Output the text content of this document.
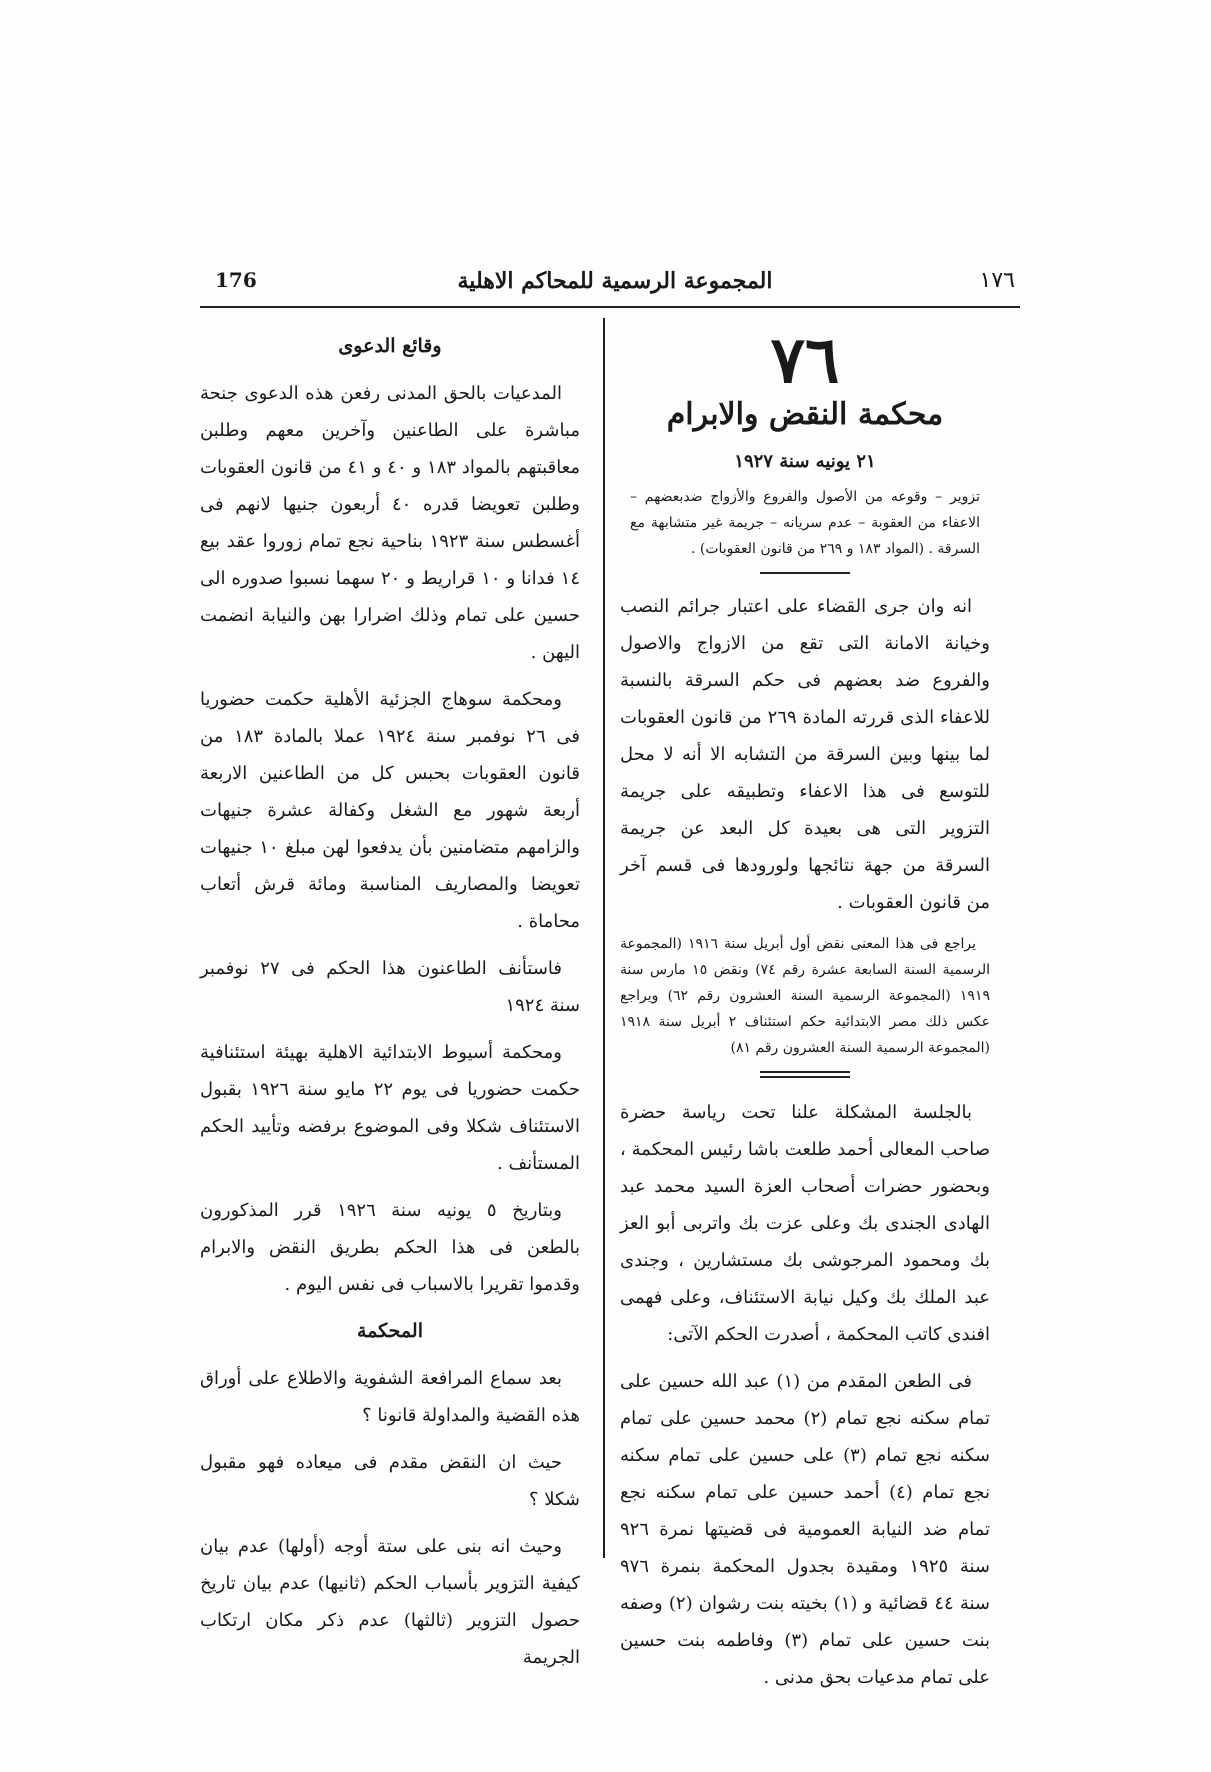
١٧٦
المجموعة الرسمية للمحاكم الاهلية
176
٧٦
محكمة النقض والابرام
٢١ يونيه سنة ١٩٢٧
تزوير – وقوعه من الأصول والفروع والأزواج ضدبعضهم – الاعفاء من العقوبة – عدم سريانه – جريمة غير متشابهة مع السرقة . (المواد ١٨٣ و ٢٦٩ من قانون العقوبات) .

انه وان جرى القضاء على اعتبار جرائم النصب وخيانة الامانة التى تقع من الازواج والاصول والفروع ضد بعضهم فى حكم السرقة بالنسبة للاعفاء الذى قررته المادة ٢٦٩ من قانون العقوبات لما بينها وبين السرقة من التشابه الا أنه لا محل للتوسع فى هذا الاعفاء وتطبيقه على جريمة التزوير التى هى بعيدة كل البعد عن جريمة السرقة من جهة نتائجها ولورودها فى قسم آخر من قانون العقوبات .

يراجع فى هذا المعنى نقض أول أبريل سنة ١٩١٦ (المجموعة الرسمية السنة السابعة عشرة رقم ٧٤) ونقض ١٥ مارس سنة ١٩١٩ (المجموعة الرسمية السنة العشرون رقم ٦٢) ويراجع عكس ذلك مصر الابتدائية حكم استئناف ٢ أبريل سنة ١٩١٨ (المجموعة الرسمية السنة العشرون رقم ٨١)

بالجلسة المشكلة علنا تحت رياسة حضرة صاحب المعالى أحمد طلعت باشا رئيس المحكمة ، وبحضور حضرات أصحاب العزة السيد محمد عبد الهادى الجندى بك وعلى عزت بك واتربى أبو العز بك ومحمود المرجوشى بك مستشارين ، وجندى عبد الملك بك وكيل نيابة الاستئناف، وعلى فهمى افندى كاتب المحكمة ، أصدرت الحكم الآتى:

فى الطعن المقدم من (١) عبد الله حسين على تمام سكنه نجع تمام (٢) محمد حسين على تمام سكنه نجع تمام (٣) على حسين على تمام سكنه نجع تمام (٤) أحمد حسين على تمام سكنه نجع تمام ضد النيابة العمومية فى قضيتها نمرة ٩٢٦ سنة ١٩٢٥ ومقيدة بجدول المحكمة بنمرة ٩٧٦ سنة ٤٤ قضائية و (١) بخيته بنت رشوان (٢) وصفه بنت حسين على تمام (٣) وفاطمه بنت حسين على تمام مدعيات بحق مدنى .

وقائع الدعوى

المدعيات بالحق المدنى رفعن هذه الدعوى جنحة مباشرة على الطاعنين وآخرين معهم وطلبن معاقبتهم بالمواد ١٨٣ و ٤٠ و ٤١ من قانون العقوبات وطلبن تعويضا قدره ٤٠ أربعون جنيها لانهم فى أغسطس سنة ١٩٢٣ بناحية نجع تمام زوروا عقد بيع ١٤ فدانا و ١٠ قراريط و ٢٠ سهما نسبوا صدوره الى حسين على تمام وذلك اضرارا بهن والنيابة انضمت اليهن .

ومحكمة سوهاج الجزئية الأهلية حكمت حضوريا فى ٢٦ نوفمبر سنة ١٩٢٤ عملا بالمادة ١٨٣ من قانون العقوبات بحبس كل من الطاعنين الاربعة أربعة شهور مع الشغل وكفالة عشرة جنيهات والزامهم متضامنين بأن يدفعوا لهن مبلغ ١٠ جنيهات تعويضا والمصاريف المناسبة ومائة قرش أتعاب محاماة .

فاستأنف الطاعنون هذا الحكم فى ٢٧ نوفمبر سنة ١٩٢٤

ومحكمة أسيوط الابتدائية الاهلية بهيئة استئنافية حكمت حضوريا فى يوم ٢٢ مايو سنة ١٩٢٦ بقبول الاستئناف شكلا وفى الموضوع برفضه وتأييد الحكم المستأنف .

وبتاريخ ٥ يونيه سنة ١٩٢٦ قرر المذكورون بالطعن فى هذا الحكم بطريق النقض والابرام وقدموا تقريرا بالاسباب فى نفس اليوم .

المحكمة

بعد سماع المرافعة الشفوية والاطلاع على أوراق هذه القضية والمداولة قانونا ؟

حيث ان النقض مقدم فى ميعاده فهو مقبول شكلا ؟

وحيث انه بنى على ستة أوجه (أولها) عدم بيان كيفية التزوير بأسباب الحكم (ثانيها) عدم بيان تاريخ حصول التزوير (ثالثها) عدم ذكر مكان ارتكاب الجريمة
